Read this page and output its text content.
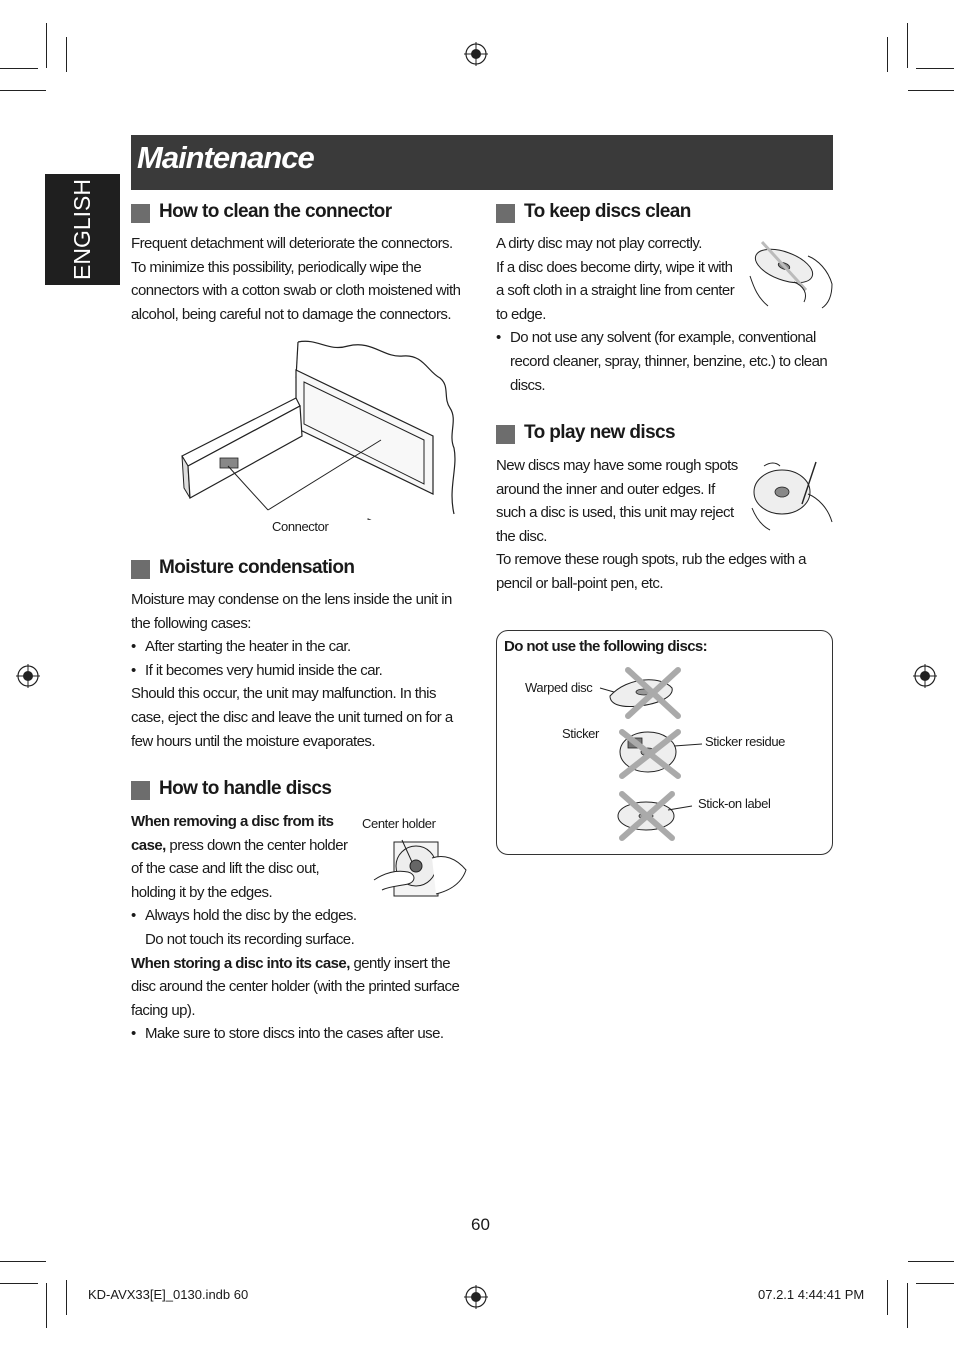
Maintenance
ENGLISH	How to clean the connector
Frequent detachment will deteriorate the connectors.
To minimize this possibility, periodically wipe the
connectors with a cotton swab or cloth moistened with
alcohol, being careful not to damage the connectors.
Connector
Moisture condensation
Moisture may condense on the lens inside the unit in
the following cases:
• After starting the heater in the car.
• If it becomes very humid inside the car.
Should this occur, the unit may malfunction. In this
case, eject the disc and leave the unit turned on for a
few hours until the moisture evaporates.
How to handle discs
When removing a disc from its
case, press down the center holder
of the case and lift the disc out,
holding it by the edges.
• Always hold the disc by the edges.
Do not touch its recording surface.
When storing a disc into its case, gently insert the
disc around the center holder (with the printed surface
facing up).
• Make sure to store discs into the cases after use.
Center holder
To keep discs clean
A dirty disc may not play correctly.
If a disc does become dirty, wipe it with
a soft cloth in a straight line from center
to edge.
• Do not use any solvent (for example, conventional
record cleaner, spray, thinner, benzine, etc.) to clean
discs.
To play new discs
New discs may have some rough spots
around the inner and outer edges. If
such a disc is used, this unit may reject
the disc.
To remove these rough spots, rub the edges with a
pencil or ball-point pen, etc.
Do not use the following discs:
Warped disc
Sticker
Sticker residue
Stick-on label
60
KD-AVX33[E]_0130.indb 60	07.2.1 4:44:41 PM
